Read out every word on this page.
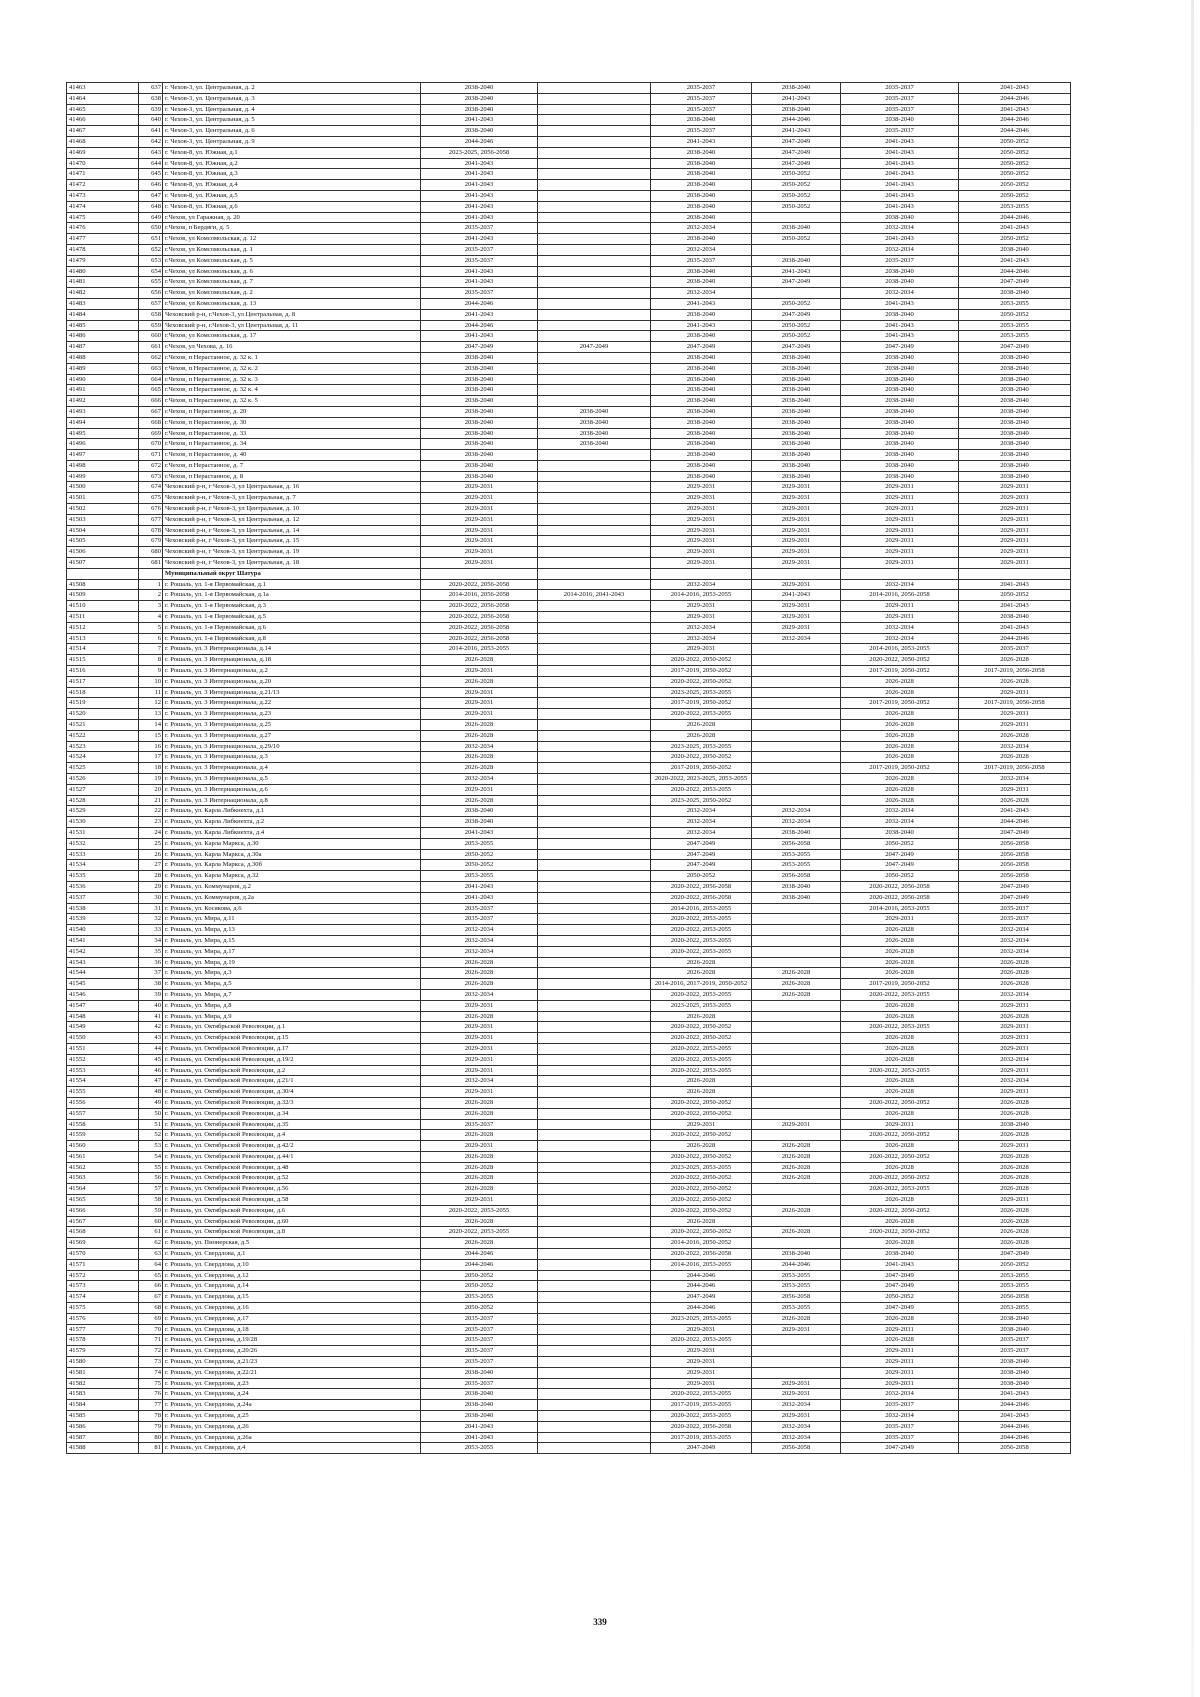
41463	637	г. Чехов-3, ул. Центральная, д. 2	2038-2040		2035-2037	2038-2040	2035-2037	2041-2043
41464	638	г. Чехов-3, ул. Центральная, д. 3	2038-2040		2035-2037	2041-2043	2035-2037	2044-2046
41465	639	г. Чехов-3, ул. Центральная, д. 4	2038-2040		2035-2037	2038-2040	2035-2037	2041-2043
41466	640	г. Чехов-3, ул. Центральная, д. 5	2041-2043		2038-2040	2044-2046	2038-2040	2044-2046
41467	641	г. Чехов-3, ул. Центральная, д. 6	2038-2040		2035-2037	2041-2043	2035-2037	2044-2046
41468	642	г. Чехов-3, ул. Центральная, д. 9	2044-2046		2041-2043	2047-2049	2041-2043	2050-2052
41469	643	г. Чехов-8, ул. Южная, д.1	2023-2025, 2056-2058		2038-2040	2047-2049	2041-2043	2050-2052
41470	644	г. Чехов-8, ул. Южная, д.2	2041-2043		2038-2040	2047-2049	2041-2043	2050-2052
41471	645	г. Чехов-8, ул. Южная, д.3	2041-2043		2038-2040	2050-2052	2041-2043	2050-2052
41472	646	г. Чехов-8, ул. Южная, д.4	2041-2043		2038-2040	2050-2052	2041-2043	2050-2052
41473	647	г. Чехов-8, ул. Южная, д.5	2041-2043		2038-2040	2050-2052	2041-2043	2050-2052
41474	648	г. Чехов-8, ул. Южная, д.6	2041-2043		2038-2040	2050-2052	2041-2043	2053-2055
41475	649	г.Чехов, ул Гаражная, д. 20	2041-2043		2038-2040		2038-2040	2044-2046
41476	650	г.Чехов, п Бердяги, д. 5	2035-2037		2032-2034	2038-2040	2032-2034	2041-2043
41477	651	г.Чехов, ул Комсомольская, д. 12	2041-2043		2038-2040	2050-2052	2041-2043	2050-2052
41478	652	г.Чехов, ул Комсомольская, д. 1	2035-2037		2032-2034		2032-2034	2038-2040
41479	653	г.Чехов, ул Комсомольская, д. 5	2035-2037		2035-2037	2038-2040	2035-2037	2041-2043
41480	654	г.Чехов, ул Комсомольская, д. 6	2041-2043		2038-2040	2041-2043	2038-2040	2044-2046
41481	655	г.Чехов, ул Комсомольская, д. 7	2041-2043		2038-2040	2047-2049	2038-2040	2047-2049
41482	656	г.Чехов, ул Комсомольская, д. 2	2035-2037		2032-2034		2032-2034	2038-2040
41483	657	г.Чехов, ул Комсомольская, д. 13	2044-2046		2041-2043	2050-2052	2041-2043	2053-2055
41484	658	Чеховский р-н, г.Чехов-3, ул Центральная, д. 8	2041-2043		2038-2040	2047-2049	2038-2040	2050-2052
41485	659	Чеховский р-н, г.Чехов-3, ул Центральная, д. 11	2044-2046		2041-2043	2050-2052	2041-2043	2053-2055
41486	660	г.Чехов, ул Комсомольская, д. 17	2041-2043		2038-2040	2050-2052	2041-2043	2053-2055
41487	661	г.Чехов, ул Чехова, д. 16	2047-2049	2047-2049	2047-2049	2047-2049	2047-2049	2047-2049
41488	662	г.Чехов, п Нерастанное, д. 32 к. 1	2038-2040		2038-2040	2038-2040	2038-2040	2038-2040
41489	663	г.Чехов, п Нерастанное, д. 32 к. 2	2038-2040		2038-2040	2038-2040	2038-2040	2038-2040
41490	664	г.Чехов, п Нерастанное, д. 32 к. 3	2038-2040		2038-2040	2038-2040	2038-2040	2038-2040
41491	665	г.Чехов, п Нерастанное, д. 32 к. 4	2038-2040		2038-2040	2038-2040	2038-2040	2038-2040
41492	666	г.Чехов, п Нерастанное, д. 32 к. 5	2038-2040		2038-2040	2038-2040	2038-2040	2038-2040
41493	667	г.Чехов, п Нерастанное, д. 20	2038-2040	2038-2040	2038-2040	2038-2040	2038-2040	2038-2040
41494	668	г.Чехов, п Нерастанное, д. 30	2038-2040	2038-2040	2038-2040	2038-2040	2038-2040	2038-2040
41495	669	г.Чехов, п Нерастанное, д. 33	2038-2040	2038-2040	2038-2040	2038-2040	2038-2040	2038-2040
41496	670	г.Чехов, п Нерастанное, д. 34	2038-2040	2038-2040	2038-2040	2038-2040	2038-2040	2038-2040
41497	671	г.Чехов, п Нерастанное, д. 40	2038-2040		2038-2040	2038-2040	2038-2040	2038-2040
41498	672	г.Чехов, п Нерастанное, д. 7	2038-2040		2038-2040	2038-2040	2038-2040	2038-2040
41499	673	г.Чехов, п Нерастанное, д. 8	2038-2040		2038-2040	2038-2040	2038-2040	2038-2040
41500	674	Чеховский р-н, г Чехов-3, ул Центральная, д. 16	2029-2031		2029-2031	2029-2031	2029-2031	2029-2031
41501	675	Чеховский р-н, г Чехов-3, ул Центральная, д. 7	2029-2031		2029-2031	2029-2031	2029-2031	2029-2031
41502	676	Чеховский р-н, г Чехов-3, ул Центральная, д. 10	2029-2031		2029-2031	2029-2031	2029-2031	2029-2031
41503	677	Чеховский р-н, г Чехов-3, ул Центральная, д. 12	2029-2031		2029-2031	2029-2031	2029-2031	2029-2031
41504	678	Чеховский р-н, г Чехов-3, ул Центральная, д. 14	2029-2031		2029-2031	2029-2031	2029-2031	2029-2031
41505	679	Чеховский р-н, г Чехов-3, ул Центральная, д. 15	2029-2031		2029-2031	2029-2031	2029-2031	2029-2031
41506	680	Чеховский р-н, г Чехов-3, ул Центральная, д. 19	2029-2031		2029-2031	2029-2031	2029-2031	2029-2031
41507	681	Чеховский р-н, г Чехов-3, ул Центральная, д. 18	2029-2031		2029-2031	2029-2031	2029-2031	2029-2031
		Муниципальный округ Шатура						
41508	1	г. Рошаль, ул. 1-я Первомайская, д.1	2020-2022, 2056-2058		2032-2034	2029-2031	2032-2034	2041-2043
41509	2	г. Рошаль, ул. 1-я Первомайская, д.1а	2014-2016, 2056-2058	2014-2016, 2041-2043	2014-2016, 2053-2055	2041-2043	2014-2016, 2056-2058	2050-2052
41510	3	г. Рошаль, ул. 1-я Первомайская, д.3	2020-2022, 2056-2058		2029-2031	2029-2031	2029-2031	2041-2043
41511	4	г. Рошаль, ул. 1-я Первомайская, д.5	2020-2022, 2056-2058		2029-2031	2029-2031	2029-2031	2038-2040
41512	5	г. Рошаль, ул. 1-я Первомайская, д.6	2020-2022, 2056-2058		2032-2034	2029-2031	2032-2034	2041-2043
41513	6	г. Рошаль, ул. 1-я Первомайская, д.8	2020-2022, 2056-2058		2032-2034	2032-2034	2032-2034	2044-2046
41514	7	г. Рошаль, ул. 3 Интернационала, д.14	2014-2016, 2053-2055		2029-2031		2014-2016, 2053-2055	2035-2037
41515	8	г. Рошаль, ул. 3 Интернационала, д.18	2026-2028		2020-2022, 2050-2052		2020-2022, 2050-2052	2026-2028
41516	9	г. Рошаль, ул. 3 Интернационала, д.2	2029-2031		2017-2019, 2050-2052		2017-2019, 2050-2052	2017-2019, 2056-2058
41517	10	г. Рошаль, ул. 3 Интернационала, д.20	2026-2028		2020-2022, 2050-2052		2026-2028	2026-2028
41518	11	г. Рошаль, ул. 3 Интернационала, д.21/13	2029-2031		2023-2025, 2053-2055		2026-2028	2029-2031
41519	12	г. Рошаль, ул. 3 Интернационала, д.22	2029-2031		2017-2019, 2050-2052		2017-2019, 2050-2052	2017-2019, 2056-2058
41520	13	г. Рошаль, ул. 3 Интернационала, д.23	2029-2031		2020-2022, 2053-2055		2026-2028	2029-2031
41521	14	г. Рошаль, ул. 3 Интернационала, д.25	2026-2028		2026-2028		2026-2028	2029-2031
41522	15	г. Рошаль, ул. 3 Интернационала, д.27	2026-2028		2026-2028		2026-2028	2026-2028
41523	16	г. Рошаль, ул. 3 Интернационала, д.29/10	2032-2034		2023-2025, 2053-2055		2026-2028	2032-2034
41524	17	г. Рошаль, ул. 3 Интернационала, д.3	2026-2028		2020-2022, 2050-2052		2026-2028	2026-2028
41525	18	г. Рошаль, ул. 3 Интернационала, д.4	2026-2028		2017-2019, 2050-2052		2017-2019, 2050-2052	2017-2019, 2056-2058
41526	19	г. Рошаль, ул. 3 Интернационала, д.5	2032-2034		2020-2022, 2023-2025, 2053-2055		2026-2028	2032-2034
41527	20	г. Рошаль, ул. 3 Интернационала, д.6	2029-2031		2020-2022, 2053-2055		2026-2028	2029-2031
41528	21	г. Рошаль, ул. 3 Интернационала, д.8	2026-2028		2023-2025, 2050-2052		2026-2028	2026-2028
41529	22	г. Рошаль, ул. Карла Либкнехта, д.1	2038-2040		2032-2034	2032-2034	2032-2034	2041-2043
41530	23	г. Рошаль, ул. Карла Либкнехта, д.2	2038-2040		2032-2034	2032-2034	2032-2034	2044-2046
41531	24	г. Рошаль, ул. Карла Либкнехта, д.4	2041-2043		2032-2034	2038-2040	2038-2040	2047-2049
41532	25	г. Рошаль, ул. Карла Маркса, д.30	2053-2055		2047-2049	2056-2058	2050-2052	2056-2058
41533	26	г. Рошаль, ул. Карла Маркса, д.30а	2050-2052		2047-2049	2053-2055	2047-2049	2056-2058
41534	27	г. Рошаль, ул. Карла Маркса, д.30б	2050-2052		2047-2049	2053-2055	2047-2049	2056-2058
41535	28	г. Рошаль, ул. Карла Маркса, д.32	2053-2055		2050-2052	2056-2058	2050-2052	2056-2058
41536	29	г. Рошаль, ул. Коммунаров, д.2	2041-2043		2020-2022, 2056-2058	2038-2040	2020-2022, 2056-2058	2047-2049
41537	30	г. Рошаль, ул. Коммунаров, д.2а	2041-2043		2020-2022, 2056-2058	2038-2040	2020-2022, 2056-2058	2047-2049
41538	31	г. Рошаль, ул. Косякова, д.6	2035-2037		2014-2016, 2053-2055		2014-2016, 2053-2055	2035-2037
41539	32	г. Рошаль, ул. Мира, д.11	2035-2037		2020-2022, 2053-2055		2029-2031	2035-2037
41540	33	г. Рошаль, ул. Мира, д.13	2032-2034		2020-2022, 2053-2055		2026-2028	2032-2034
41541	34	г. Рошаль, ул. Мира, д.15	2032-2034		2020-2022, 2053-2055		2026-2028	2032-2034
41542	35	г. Рошаль, ул. Мира, д.17	2032-2034		2020-2022, 2053-2055		2026-2028	2032-2034
41543	36	г. Рошаль, ул. Мира, д.19	2026-2028		2026-2028		2026-2028	2026-2028
41544	37	г. Рошаль, ул. Мира, д.3	2026-2028		2026-2028	2026-2028	2026-2028	2026-2028
41545	38	г. Рошаль, ул. Мира, д.5	2026-2028		2014-2016, 2017-2019, 2050-2052	2026-2028	2017-2019, 2050-2052	2026-2028
41546	39	г. Рошаль, ул. Мира, д.7	2032-2034		2020-2022, 2053-2055	2026-2028	2020-2022, 2053-2055	2032-2034
41547	40	г. Рошаль, ул. Мира, д.8	2029-2031		2023-2025, 2053-2055		2026-2028	2029-2031
41548	41	г. Рошаль, ул. Мира, д.9	2026-2028		2026-2028		2026-2028	2026-2028
41549	42	г. Рошаль, ул. Октябрьской Революции, д.1	2029-2031		2020-2022, 2050-2052		2020-2022, 2053-2055	2029-2031
41550	43	г. Рошаль, ул. Октябрьской Революции, д.15	2029-2031		2020-2022, 2050-2052		2026-2028	2029-2031
41551	44	г. Рошаль, ул. Октябрьской Революции, д.17	2029-2031		2020-2022, 2053-2055		2026-2028	2029-2031
41552	45	г. Рошаль, ул. Октябрьской Революции, д.19/2	2029-2031		2020-2022, 2053-2055		2026-2028	2032-2034
41553	46	г. Рошаль, ул. Октябрьской Революции, д.2	2029-2031		2020-2022, 2053-2055		2020-2022, 2053-2055	2029-2031
41554	47	г. Рошаль, ул. Октябрьской Революции, д.21/1	2032-2034		2026-2028		2026-2028	2032-2034
41555	48	г. Рошаль, ул. Октябрьской Революции, д.30/4	2029-2031		2026-2028		2026-2028	2029-2031
41556	49	г. Рошаль, ул. Октябрьской Революции, д.32/3	2026-2028		2020-2022, 2050-2052		2020-2022, 2050-2052	2026-2028
41557	50	г. Рошаль, ул. Октябрьской Революции, д.34	2026-2028		2020-2022, 2050-2052		2026-2028	2026-2028
41558	51	г. Рошаль, ул. Октябрьской Революции, д.35	2035-2037		2029-2031	2029-2031	2029-2031	2038-2040
41559	52	г. Рошаль, ул. Октябрьской Революции, д.4	2026-2028		2020-2022, 2050-2052		2020-2022, 2050-2052	2026-2028
41560	53	г. Рошаль, ул. Октябрьской Революции, д.42/2	2029-2031		2026-2028	2026-2028	2026-2028	2029-2031
41561	54	г. Рошаль, ул. Октябрьской Революции, д.44/1	2026-2028		2020-2022, 2050-2052	2026-2028	2020-2022, 2050-2052	2026-2028
41562	55	г. Рошаль, ул. Октябрьской Революции, д.48	2026-2028		2023-2025, 2053-2055	2026-2028	2026-2028	2026-2028
41563	56	г. Рошаль, ул. Октябрьской Революции, д.52	2026-2028		2020-2022, 2050-2052	2026-2028	2020-2022, 2050-2052	2026-2028
41564	57	г. Рошаль, ул. Октябрьской Революции, д.56	2026-2028		2020-2022, 2050-2052		2020-2022, 2053-2055	2026-2028
41565	58	г. Рошаль, ул. Октябрьской Революции, д.58	2029-2031		2020-2022, 2050-2052		2026-2028	2029-2031
41566	59	г. Рошаль, ул. Октябрьской Революции, д.6	2020-2022, 2053-2055		2020-2022, 2050-2052	2026-2028	2020-2022, 2050-2052	2026-2028
41567	60	г. Рошаль, ул. Октябрьской Революции, д.60	2026-2028		2026-2028		2026-2028	2026-2028
41568	61	г. Рошаль, ул. Октябрьской Революции, д.8	2020-2022, 2053-2055		2020-2022, 2050-2052	2026-2028	2020-2022, 2050-2052	2026-2028
41569	62	г. Рошаль, ул. Пионерская, д.5	2026-2028		2014-2016, 2050-2052		2026-2028	2026-2028
41570	63	г. Рошаль, ул. Свердлова, д.1	2044-2046		2020-2022, 2056-2058	2038-2040	2038-2040	2047-2049
41571	64	г. Рошаль, ул. Свердлова, д.10	2044-2046		2014-2016, 2053-2055	2044-2046	2041-2043	2050-2052
41572	65	г. Рошаль, ул. Свердлова, д.12	2050-2052		2044-2046	2053-2055	2047-2049	2053-2055
41573	66	г. Рошаль, ул. Свердлова, д.14	2050-2052		2044-2046	2053-2055	2047-2049	2053-2055
41574	67	г. Рошаль, ул. Свердлова, д.15	2053-2055		2047-2049	2056-2058	2050-2052	2056-2058
41575	68	г. Рошаль, ул. Свердлова, д.16	2050-2052		2044-2046	2053-2055	2047-2049	2053-2055
41576	69	г. Рошаль, ул. Свердлова, д.17	2035-2037		2023-2025, 2053-2055	2026-2028	2026-2028	2038-2040
41577	70	г. Рошаль, ул. Свердлова, д.18	2035-2037		2029-2031	2029-2031	2029-2031	2038-2040
41578	71	г. Рошаль, ул. Свердлова, д.19/28	2035-2037		2020-2022, 2053-2055		2026-2028	2035-2037
41579	72	г. Рошаль, ул. Свердлова, д.20/26	2035-2037		2029-2031		2029-2031	2035-2037
41580	73	г. Рошаль, ул. Свердлова, д.21/23	2035-2037		2029-2031		2029-2031	2038-2040
41581	74	г. Рошаль, ул. Свердлова, д.22/21	2038-2040		2029-2031		2029-2031	2038-2040
41582	75	г. Рошаль, ул. Свердлова, д.23	2035-2037		2029-2031	2029-2031	2029-2031	2038-2040
41583	76	г. Рошаль, ул. Свердлова, д.24	2038-2040		2020-2022, 2053-2055	2029-2031	2032-2034	2041-2043
41584	77	г. Рошаль, ул. Свердлова, д.24а	2038-2040		2017-2019, 2053-2055	2032-2034	2035-2037	2044-2046
41585	78	г. Рошаль, ул. Свердлова, д.25	2038-2040		2020-2022, 2053-2055	2029-2031	2032-2034	2041-2043
41586	79	г. Рошаль, ул. Свердлова, д.26	2041-2043		2020-2022, 2056-2058	2032-2034	2035-2037	2044-2046
41587	80	г. Рошаль, ул. Свердлова, д.26а	2041-2043		2017-2019, 2053-2055	2032-2034	2035-2037	2044-2046
41588	81	г. Рошаль, ул. Свердлова, д.4	2053-2055		2047-2049	2056-2058	2047-2049	2056-2058
339
